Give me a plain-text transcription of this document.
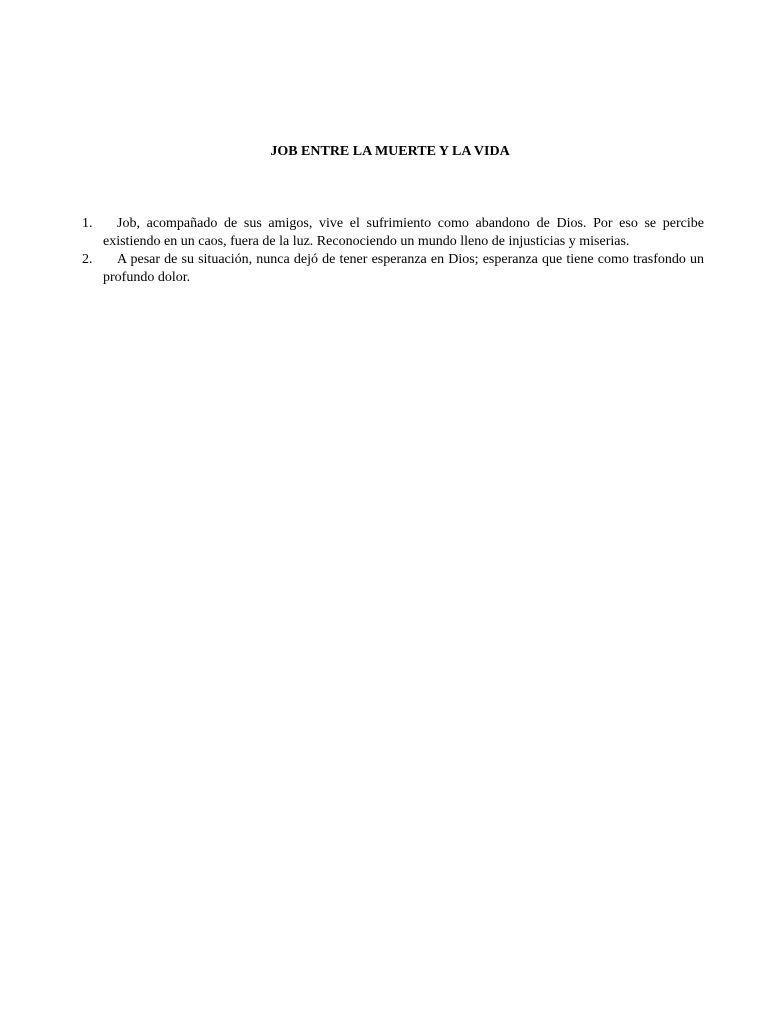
JOB ENTRE LA MUERTE Y LA VIDA
1.	Job, acompañado de sus amigos, vive el sufrimiento como abandono de Dios. Por eso se percibe existiendo en un caos, fuera de la luz. Reconociendo un mundo lleno de injusticias y miserias.
2.	A pesar de su situación, nunca dejó de tener esperanza en Dios; esperanza que tiene como trasfondo un profundo dolor.
